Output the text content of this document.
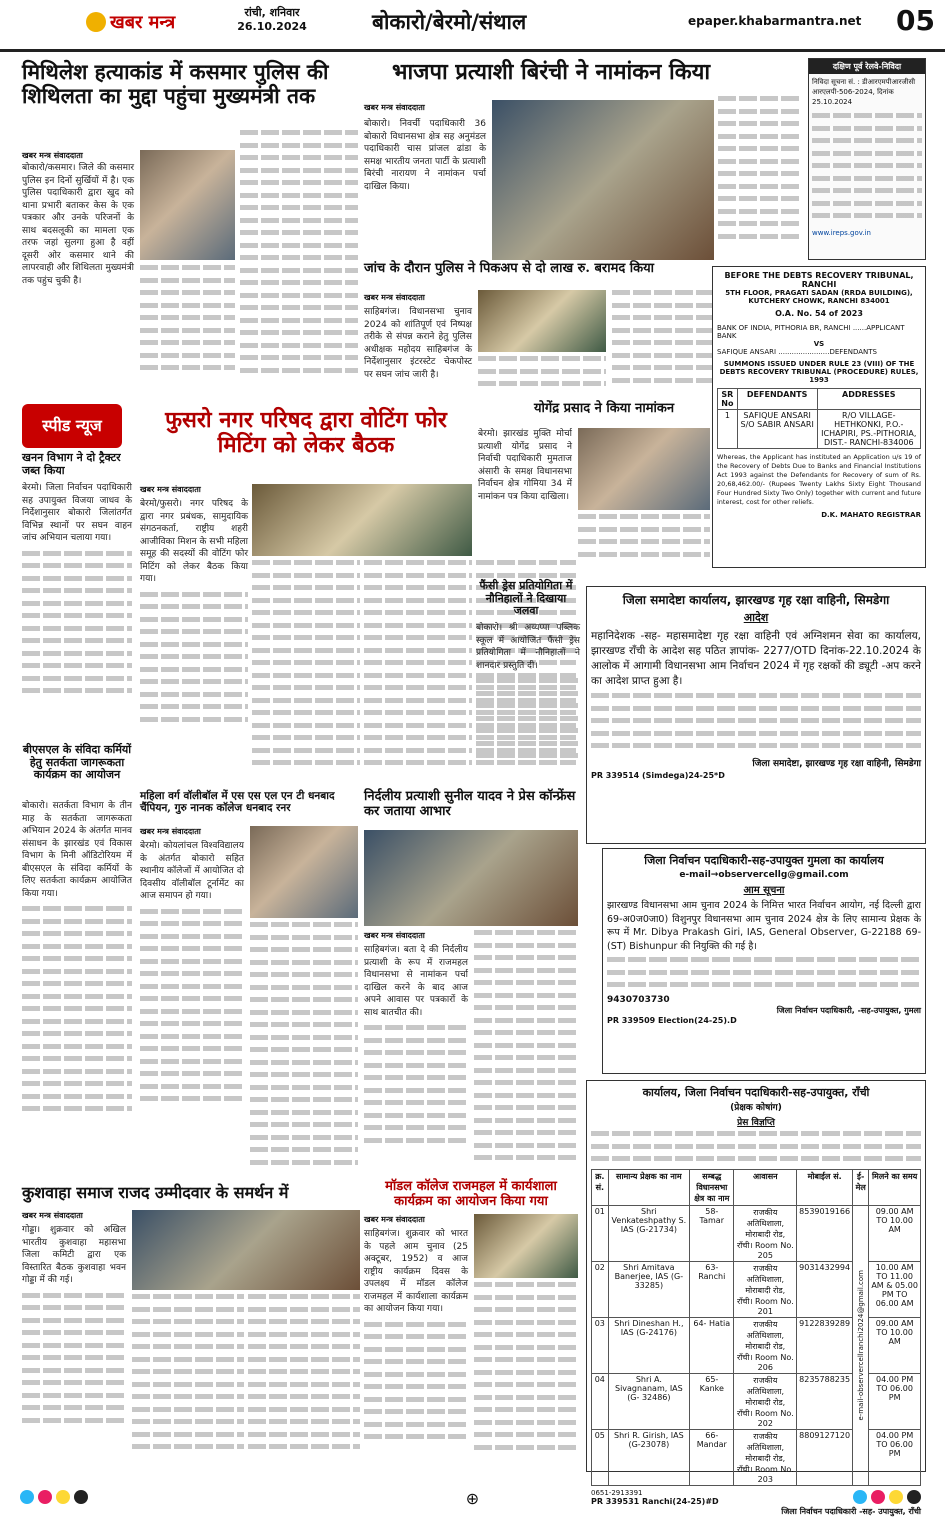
खबर मन्त्र	रांची, शनिवार
26.10.2024	बोकारो/बेरमो/संथाल	epaper.khabarmantra.net 05
मिथिलेश हत्याकांड में कसमार पुलिस की शिथिलता का मुद्दा पहुंचा मुख्यमंत्री तक
खबर मन्त्र संवाददाता
बोकारो/कसमार। जिले की कसमार पुलिस इन दिनों सुर्खियों में है। एक पुलिस पदाधिकारी द्वारा खुद को थाना प्रभारी बताकर केस के एक पत्रकार और उनके परिजनों के साथ बदसलूकी का मामला एक तरफ जहां सुलगा हुआ है वहीं दूसरी ओर कसमार थाने की लापरवाही और शिथिलता मुख्यमंत्री तक पहुंच चुकी है।
भाजपा प्रत्याशी बिरंची ने नामांकन किया
खबर मन्त्र संवाददाता
बोकारो। निवर्ची पदाधिकारी 36 बोकारो विधानसभा क्षेत्र सह अनुमंडल पदाधिकारी चास प्रांजल ढांडा के समक्ष भारतीय जनता पार्टी के प्रत्याशी बिरंची नारायण ने नामांकन पर्चा दाखिल किया।
दक्षिण पूर्व रेलवे-निविदा
निविदा सूचना सं. : डीआरएमपीआरजीसी आरएलपी-506-2024, दिनांक 25.10.2024
www.ireps.gov.in
जांच के दौरान पुलिस ने पिकअप से दो लाख रु. बरामद किया
खबर मन्त्र संवाददाता
साहिबगंज। विधानसभा चुनाव 2024 को शांतिपूर्ण एवं निष्पक्ष तरीके से संपन्न कराने हेतु पुलिस अधीक्षक महोदय साहिबगंज के निर्देशानुसार इंटरस्टेट चेकपोस्ट पर सघन जांच जारी है।
BEFORE THE DEBTS RECOVERY TRIBUNAL, RANCHI
5TH FLOOR, PRAGATI SADAN (RRDA BUILDING), KUTCHERY CHOWK, RANCHI 834001
O.A. No. 54 of 2023
BANK OF INDIA, PITHORIA BR, RANCHI ......APPLICANT BANK
VS
SAFIQUE ANSARI .......................DEFENDANTS
SUMMONS ISSUED UNDER RULE 23 (VIII) OF THE DEBTS RECOVERY TRIBUNAL (PROCEDURE) RULES, 1993
SR No	DEFENDANTS	ADDRESSES
1	SAFIQUE ANSARI S/O SABIR ANSARI	R/O VILLAGE-HETHKONKI, P.O.- ICHAPIRI, PS.-PITHORIA, DIST.- RANCHI-834006
Whereas, the Applicant has instituted an Application u/s 19 of the Recovery of Debts Due to Banks and Financial Institutions Act 1993 against the Defendants for Recovery of sum of Rs. 20,68,462.00/- (Rupees Twenty Lakhs Sixty Eight Thousand Four Hundred Sixty Two Only) together with current and future interest, cost for other reliefs.
D.K. MAHATO REGISTRAR
योगेंद्र प्रसाद ने किया नामांकन
बेरमो। झारखंड मुक्ति मोर्चा प्रत्याशी योगेंद्र प्रसाद ने निर्वाची पदाधिकारी मुमताज अंसारी के समक्ष विधानसभा निर्वाचन क्षेत्र गोमिया 34 में नामांकन पत्र किया दाखिला।
स्पीड न्यूज
खनन विभाग ने दो ट्रैक्टर जब्त किया
बेरमो। जिला निर्वाचन पदाधिकारी सह उपायुक्त विजया जाधव के निर्देशानुसार बोकारो जिलांतर्गत विभिन्न स्थानों पर सघन वाहन जांच अभियान चलाया गया।
बीएसएल के संविदा कर्मियों हेतु सतर्कता जागरूकता कार्यक्रम का आयोजन
बोकारो। सतर्कता विभाग के तीन माह के सतर्कता जागरूकता अभियान 2024 के अंतर्गत मानव संसाधन के झारखंड एवं विकास विभाग के मिनी ऑडिटोरियम में बीएसएल के संविदा कर्मियों के लिए सतर्कता कार्यक्रम आयोजित किया गया।
फुसरो नगर परिषद द्वारा वोटिंग फोर मिटिंग को लेकर बैठक
खबर मन्त्र संवाददाता
बेरमो/फुसरो। नगर परिषद के द्वारा नगर प्रबंधक, सामुदायिक संगठनकर्ता, राष्ट्रीय शहरी आजीविका मिशन के सभी महिला समूह की सदस्यों की वोटिंग फोर मिटिंग को लेकर बैठक किया गया।	फैंसी ड्रेस प्रतियोगिता में नौनिहालों ने दिखाया जलवा
बोकारो। श्री अय्यप्पा पब्लिक स्कूल में आयोजित फैंसी ड्रेस प्रतियोगिता में नौनिहालों ने शानदार प्रस्तुति दी।
जिला समादेष्टा कार्यालय, झारखण्ड गृह रक्षा वाहिनी, सिमडेगा
आदेश
महानिदेशक -सह- महासमादेष्टा गृह रक्षा वाहिनी एवं अग्निशमन सेवा का कार्यालय, झारखण्ड रॉंची के आदेश सह पठित ज्ञापांक- 2277/OTD दिनांक-22.10.2024 के आलोक में आगामी विधानसभा आम निर्वाचन 2024 में गृह रक्षकों की ड्यूटी -अप करने का आदेश प्राप्त हुआ है।
जिला समादेष्टा, झारखण्ड गृह रक्षा वाहिनी, सिमडेगा
PR 339514 (Simdega)24-25*D
निर्दलीय प्रत्याशी सुनील यादव ने प्रेस कॉन्फ्रेंस कर जताया आभार
खबर मन्त्र संवाददाता
साहिबगंज। बता दे की निर्दलीय प्रत्याशी के रूप में राजमहल विधानसभा से नामांकन पर्चा दाखिल करने के बाद आज अपने आवास पर पत्रकारों के साथ बातचीत की।
महिला वर्ग वॉलीबॉल में एस एस एल एन टी धनबाद चैंपियन, गुरु नानक कॉलेज धनबाद रनर
खबर मन्त्र संवाददाता
बेरमो। कोयलांचल विश्वविद्यालय के अंतर्गत बोकारो सहित स्थानीय कॉलेजों में आयोजित दो दिवसीय वॉलीबॉल टूर्नामेंट का आज समापन हो गया।
जिला निर्वाचन पदाधिकारी-सह-उपायुक्त गुमला का कार्यालय
e-mail→observercellg@gmail.com
आम सूचना
झारखण्ड विधानसभा आम चुनाव 2024 के निमित्त भारत निर्वाचन आयोग, नई दिल्ली द्वारा 69-अ0ज0जा0) विशुनपुर विधानसभा आम चुनाव 2024 क्षेत्र के लिए सामान्य प्रेक्षक के रूप में Mr. Dibya Prakash Giri, IAS, General Observer, G-22188 69-(ST) Bishunpur की नियुक्ति की गई है।
9430703730
जिला निर्वाचन पदाधिकारी, -सह-उपायुक्त, गुमला
PR 339509 Election(24-25).D
कुशवाहा समाज राजद उम्मीदवार के समर्थन में
खबर मन्त्र संवाददाता
गोड्डा। शुक्रवार को अखिल भारतीय कुशवाहा महासभा जिला कमिटी द्वारा एक विस्तारित बैठक कुशवाहा भवन गोड्डा में की गई।
मॉडल कॉलेज राजमहल में कार्यशाला कार्यक्रम का आयोजन किया गया
खबर मन्त्र संवाददाता
साहिबगंज। शुक्रवार को भारत के पहले आम चुनाव (25 अक्टूबर, 1952) व आज राष्ट्रीय कार्यक्रम दिवस के उपलक्ष्य में मॉडल कॉलेज राजमहल में कार्यशाला कार्यक्रम का आयोजन किया गया।
कार्यालय, जिला निर्वाचन पदाधिकारी-सह-उपायुक्त, राँची
(प्रेक्षक कोषांग)
प्रेस विज्ञप्ति
क्र. सं.	सामान्य प्रेक्षक का नाम	सम्बद्ध विधानसभा क्षेत्र का नाम	आवासन	मोबाईल सं.	ई-मेल	मिलने का समय
01	Shri Venkateshpathy S. IAS (G-21734)	58- Tamar	राजकीय अतिथिशाला, मोराबादी रोड, राँची। Room No. 205	8539019166	e-mail-observercellranchi2024@gmail.com	09.00 AM TO 10.00 AM
02	Shri Amitava Banerjee, IAS (G-33285)	63- Ranchi	राजकीय अतिथिशाला, मोराबादी रोड, राँची। Room No. 201	9031432994		10.00 AM TO 11.00 AM & 05.00 PM TO 06.00 AM
03	Shri Dineshan H., IAS (G-24176)	64- Hatia	राजकीय अतिथिशाला, मोराबादी रोड, राँची। Room No. 206	9122839289		09.00 AM TO 10.00 AM
04	Shri A. Sivagnanam, IAS (G- 32486)	65- Kanke	राजकीय अतिथिशाला, मोराबादी रोड, राँची। Room No. 202	8235788235		04.00 PM TO 06.00 PM
05	Shri R. Girish, IAS (G-23078)	66- Mandar	राजकीय अतिथिशाला, मोराबादी रोड, राँची। Room No. 203	8809127120		04.00 PM TO 06.00 PM
0651-2913391
PR 339531 Ranchi(24-25)#D
जिला निर्वाचन पदाधिकारी -सह- उपायुक्त, राँची
⊕
